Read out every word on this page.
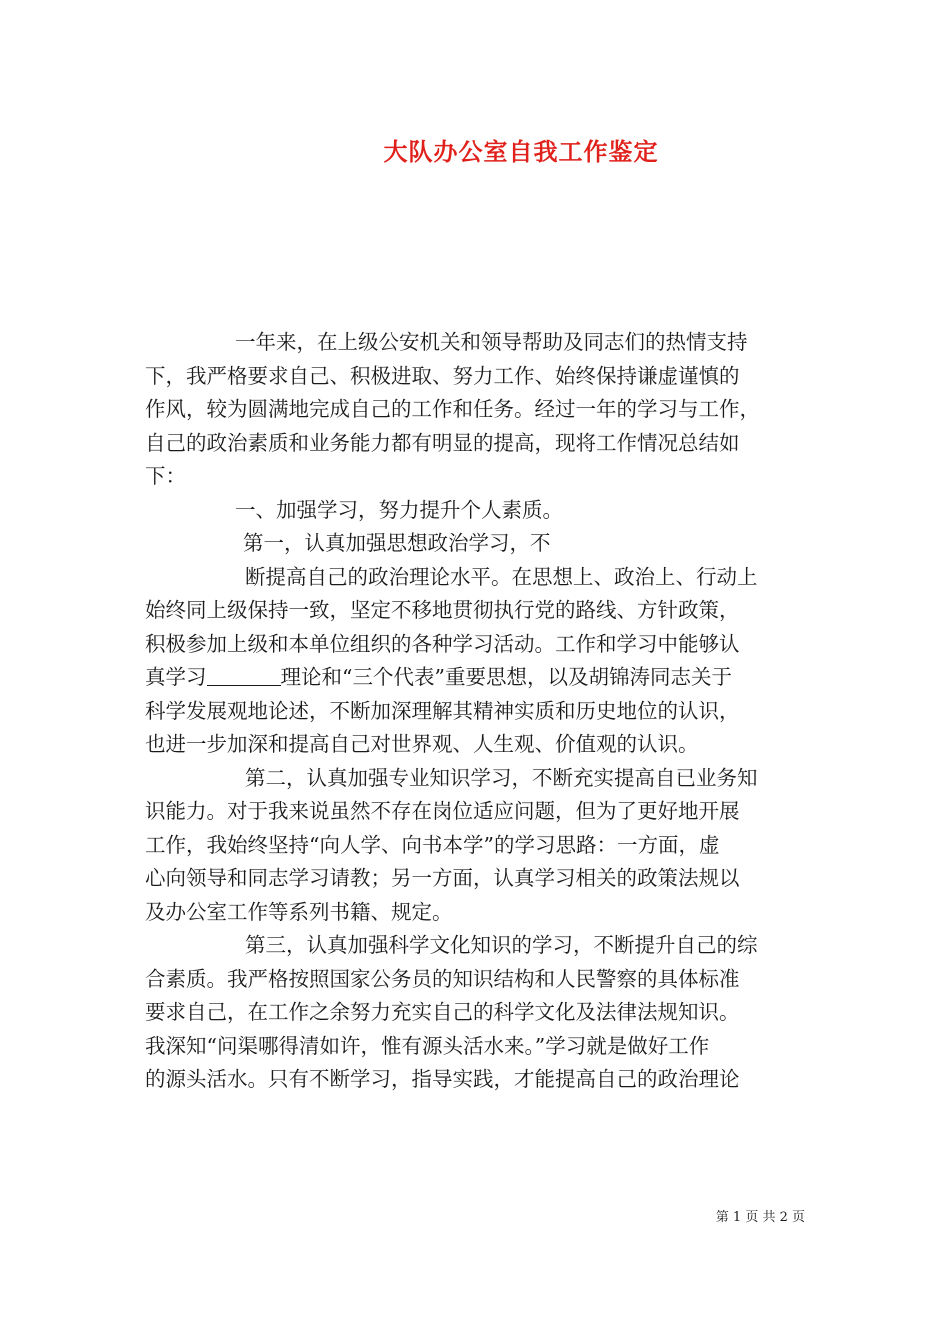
大队办公室自我工作鉴定
一年来，在上级公安机关和领导帮助及同志们的热情支持
下，我严格要求自己、积极进取、努力工作、始终保持谦虚谨慎的
作风，较为圆满地完成自己的工作和任务。经过一年的学习与工作，
自己的政治素质和业务能力都有明显的提高，现将工作情况总结如
下：
一、加强学习，努力提升个人素质。
第一，认真加强思想政治学习，不
断提高自己的政治理论水平。在思想上、政治上、行动上
始终同上级保持一致，坚定不移地贯彻执行党的路线、方针政策，
积极参加上级和本单位组织的各种学习活动。工作和学习中能够认
真学习	理论和“三个代表”重要思想，以及胡锦涛同志关于
科学发展观地论述，不断加深理解其精神实质和历史地位的认识，
也进一步加深和提高自己对世界观、人生观、价值观的认识。
第二，认真加强专业知识学习，不断充实提高自已业务知
识能力。对于我来说虽然不存在岗位适应问题，但为了更好地开展
工作，我始终坚持“向人学、向书本学”的学习思路：一方面，虚
心向领导和同志学习请教；另一方面，认真学习相关的政策法规以
及办公室工作等系列书籍、规定。
第三，认真加强科学文化知识的学习，不断提升自己的综
合素质。我严格按照国家公务员的知识结构和人民警察的具体标准
要求自己，在工作之余努力充实自己的科学文化及法律法规知识。
我深知“问渠哪得清如许，惟有源头活水来。”学习就是做好工作
的源头活水。只有不断学习，指导实践，才能提高自己的政治理论
第 1 页 共 2 页
